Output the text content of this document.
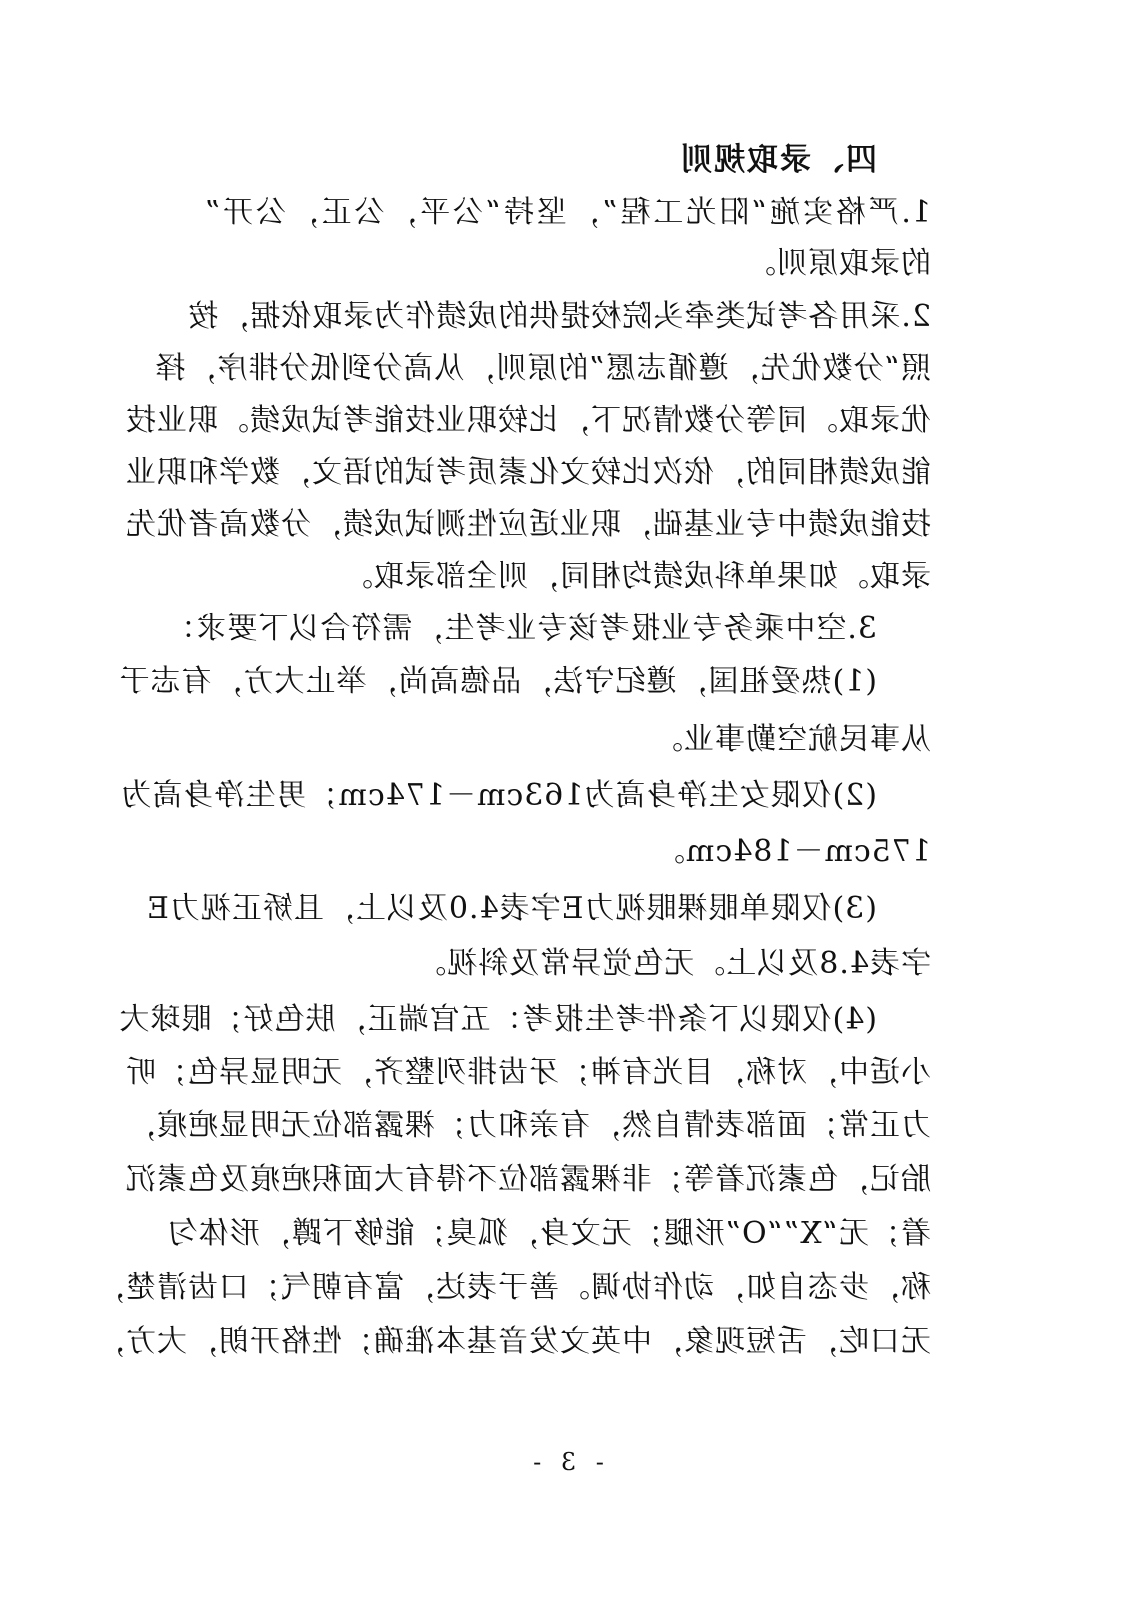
四、录取规则
1.严格实施“阳光工程”，坚持“公平，公正，公开”
的录取原则。
2.采用各考试类牵头院校提供的成绩作为录取依据，按
照“分数优先，遵循志愿”的原则，从高分到低分排序，择
优录取。同等分数情况下，比较职业技能考试成绩。职业技
能成绩相同的，依次比较文化素质考试的语文，数学和职业
技能成绩中专业基础，职业适应性测试成绩，分数高者优先
录取。如果单科成绩均相同，则全部录取。
3.空中乘务专业报考该专业考生，需符合以下要求：
(1)热爱祖国，遵纪守法，品德高尚，举止大方，有志于
从事民航空勤事业。
(2)仅限女生净身高为163cm－174cm；男生净身高为
175cm－184cm。
(3)仅限单眼裸眼视力E字表4.0及以上，且矫正视力E
字表4.8及以上。无色觉异常及斜视。
(4)仅限以下条件考生报考：五官端正，肤色好；眼球大
小适中，对称，目光有神；牙齿排列整齐，无明显异色；听
力正常；面部表情自然，有亲和力；裸露部位无明显疤痕，
胎记，色素沉着等；非裸露部位不得有大面积疤痕及色素沉
着；无“X”“O”形腿；无文身，狐臭；能够下蹲，形体匀
称，步态自如，动作协调。善于表达，富有朝气；口齿清楚，
无口吃，舌短现象，中英文发音基本准确；性格开朗，大方，
- 3 -
